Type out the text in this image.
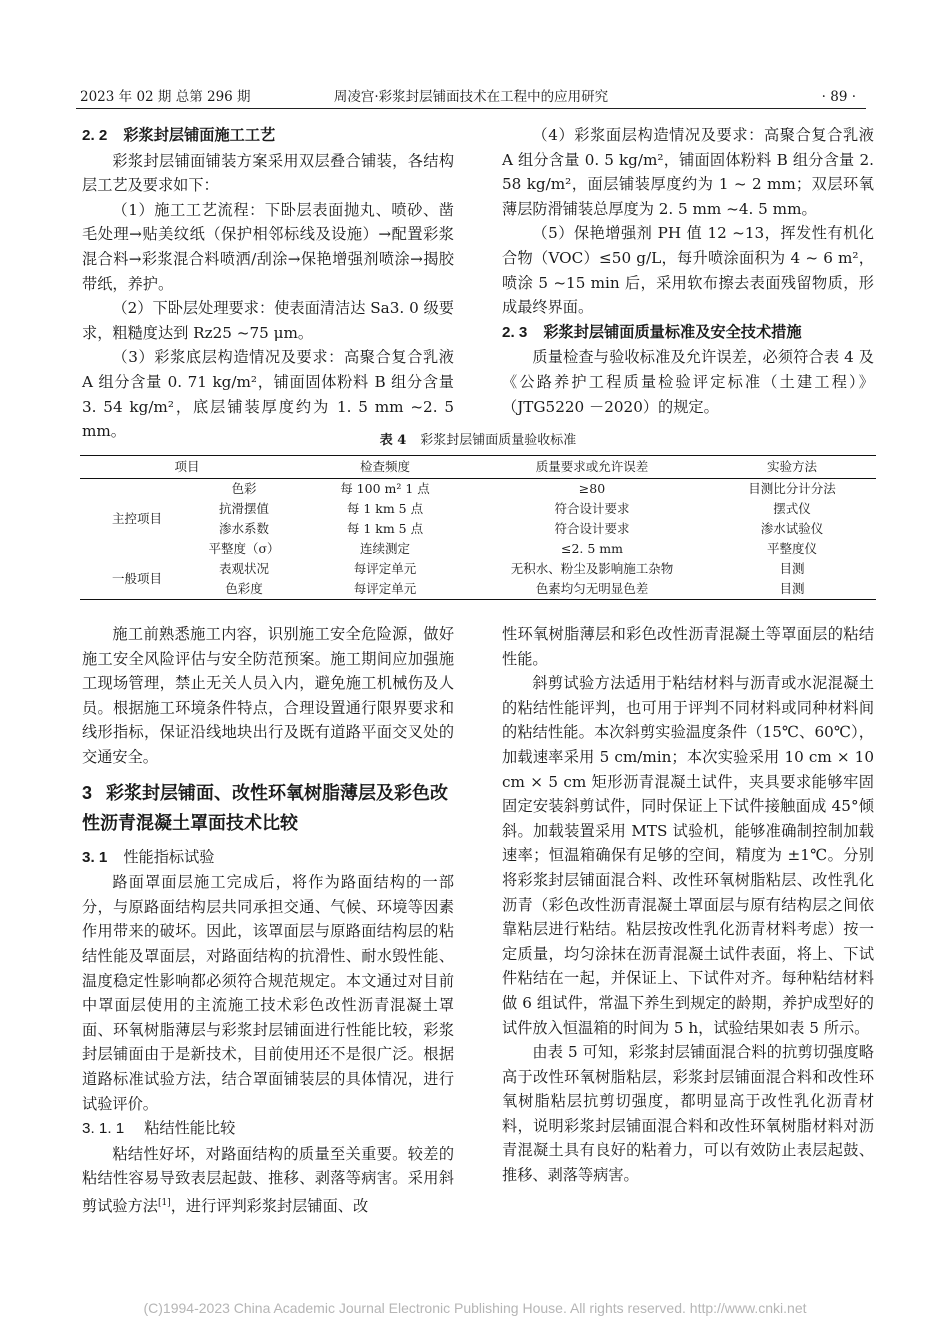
2023 年 02 期 总第 296 期	周凌宫·彩浆封层铺面技术在工程中的应用研究	· 89 ·
2. 2 彩浆封层铺面施工工艺

彩浆封层铺面铺装方案采用双层叠合铺装，各结构层工艺及要求如下：

（1）施工工艺流程：下卧层表面抛丸、喷砂、凿毛处理→贴美纹纸（保护相邻标线及设施）→配置彩浆混合料→彩浆混合料喷洒/刮涂→保艳增强剂喷涂→揭胶带纸，养护。

（2）下卧层处理要求：使表面清洁达 Sa3. 0 级要求，粗糙度达到 Rz25 ~75 μm。

（3）彩浆底层构造情况及要求：高聚合复合乳液 A 组分含量 0. 71 kg/m²，铺面固体粉料 B 组分含量 3. 54 kg/m²，底层铺装厚度约为 1. 5 mm ~2. 5 mm。

（4）彩浆面层构造情况及要求：高聚合复合乳液 A 组分含量 0. 5 kg/m²，铺面固体粉料 B 组分含量 2. 58 kg/m²，面层铺装厚度约为 1 ~ 2 mm；双层环氧薄层防滑铺装总厚度为 2. 5 mm ~4. 5 mm。

（5）保艳增强剂 PH 值 12 ~13，挥发性有机化合物（VOC）≤50 g/L，每升喷涂面积为 4 ~ 6 m²，喷涂 5 ~15 min 后，采用软布擦去表面残留物质，形成最终界面。

2. 3 彩浆封层铺面质量标准及安全技术措施

质量检查与验收标准及允许误差，必须符合表 4 及《公路养护工程质量检验评定标准（土建工程）》（JTG5220 －2020）的规定。

表 4 彩浆封层铺面质量验收标准
项目		检查频度	质量要求或允许误差	实验方法
主控项目	色彩	每 100 m² 1 点	≥80	目测比分计分法
	抗滑摆值	每 1 km 5 点	符合设计要求	摆式仪
	渗水系数	每 1 km 5 点	符合设计要求	渗水试验仪
	平整度（σ）	连续测定	≤2. 5 mm	平整度仪
一般项目	表观状况	每评定单元	无积水、粉尘及影响施工杂物	目测
	色彩度	每评定单元	色素均匀无明显色差	目测

施工前熟悉施工内容，识别施工安全危险源，做好施工安全风险评估与安全防范预案。施工期间应加强施工现场管理，禁止无关人员入内，避免施工机械伤及人员。根据施工环境条件特点，合理设置通行限界要求和线形指标，保证沿线地块出行及既有道路平面交叉处的交通安全。

3 彩浆封层铺面、改性环氧树脂薄层及彩色改性沥青混凝土罩面技术比较
3. 1 性能指标试验

路面罩面层施工完成后，将作为路面结构的一部分，与原路面结构层共同承担交通、气候、环境等因素作用带来的破坏。因此，该罩面层与原路面结构层的粘结性能及罩面层，对路面结构的抗滑性、耐水毁性能、温度稳定性影响都必须符合规范规定。本文通过对目前中罩面层使用的主流施工技术彩色改性沥青混凝土罩面、环氧树脂薄层与彩浆封层铺面进行性能比较，彩浆封层铺面由于是新技术，目前使用还不是很广泛。根据道路标准试验方法，结合罩面铺装层的具体情况，进行试验评价。

3. 1. 1 粘结性能比较

粘结性好坏，对路面结构的质量至关重要。较差的粘结性容易导致表层起鼓、推移、剥落等病害。采用斜剪试验方法[1]，进行评判彩浆封层铺面、改

性环氧树脂薄层和彩色改性沥青混凝土等罩面层的粘结性能。

斜剪试验方法适用于粘结材料与沥青或水泥混凝土的粘结性能评判，也可用于评判不同材料或同种材料间的粘结性能。本次斜剪实验温度条件（15℃、60℃），加载速率采用 5 cm/min；本次实验采用 10 cm × 10 cm × 5 cm 矩形沥青混凝土试件，夹具要求能够牢固固定安装斜剪试件，同时保证上下试件接触面成 45°倾斜。加载装置采用 MTS 试验机，能够准确制控制加载速率；恒温箱确保有足够的空间，精度为 ±1℃。分别将彩浆封层铺面混合料、改性环氧树脂粘层、改性乳化沥青（彩色改性沥青混凝土罩面层与原有结构层之间依靠粘层进行粘结。粘层按改性乳化沥青材料考虑）按一定质量，均匀涂抹在沥青混凝土试件表面，将上、下试件粘结在一起，并保证上、下试件对齐。每种粘结材料做 6 组试件，常温下养生到规定的龄期，养护成型好的试件放入恒温箱的时间为 5 h，试验结果如表 5 所示。

由表 5 可知，彩浆封层铺面混合料的抗剪切强度略高于改性环氧树脂粘层，彩浆封层铺面混合料和改性环氧树脂粘层抗剪切强度，都明显高于改性乳化沥青材料，说明彩浆封层铺面混合料和改性环氧树脂材料对沥青混凝土具有良好的粘着力，可以有效防止表层起鼓、推移、剥落等病害。

(C)1994-2023 China Academic Journal Electronic Publishing House. All rights reserved. http://www.cnki.net
